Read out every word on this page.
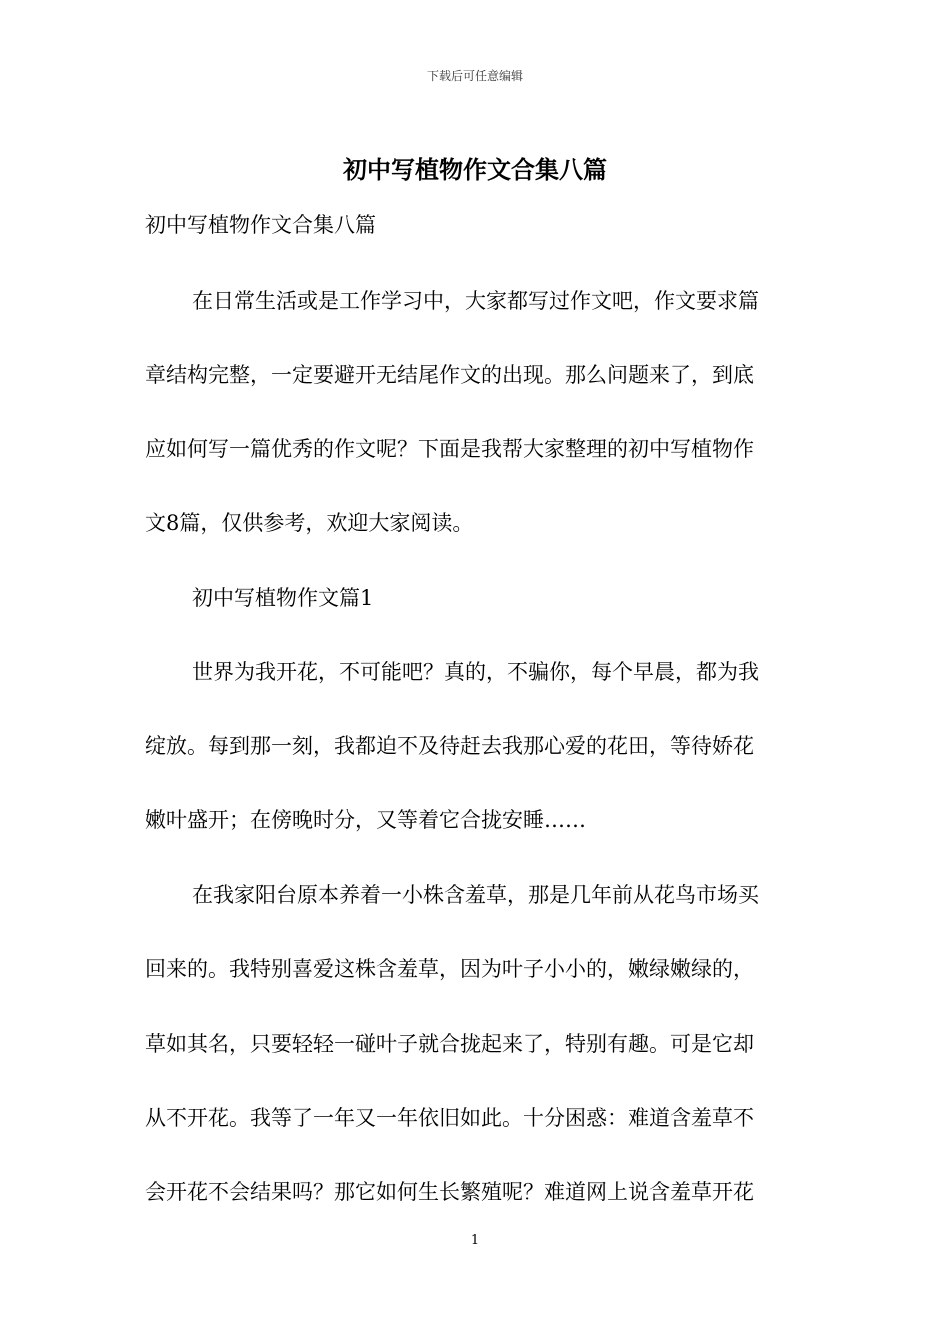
下载后可任意编辑
初中写植物作文合集八篇

初中写植物作文合集八篇

在日常生活或是工作学习中，大家都写过作文吧，作文要求篇

章结构完整，一定要避开无结尾作文的出现。那么问题来了，到底

应如何写一篇优秀的作文呢？下面是我帮大家整理的初中写植物作

文8篇，仅供参考，欢迎大家阅读。

初中写植物作文篇1

世界为我开花，不可能吧？真的，不骗你，每个早晨，都为我

绽放。每到那一刻，我都迫不及待赶去我那心爱的花田，等待娇花

嫩叶盛开；在傍晚时分，又等着它合拢安睡……

在我家阳台原本养着一小株含羞草，那是几年前从花鸟市场买

回来的。我特别喜爱这株含羞草，因为叶子小小的，嫩绿嫩绿的，

草如其名，只要轻轻一碰叶子就合拢起来了，特别有趣。可是它却

从不开花。我等了一年又一年依旧如此。十分困惑：难道含羞草不

会开花不会结果吗？那它如何生长繁殖呢？难道网上说含羞草开花

1
